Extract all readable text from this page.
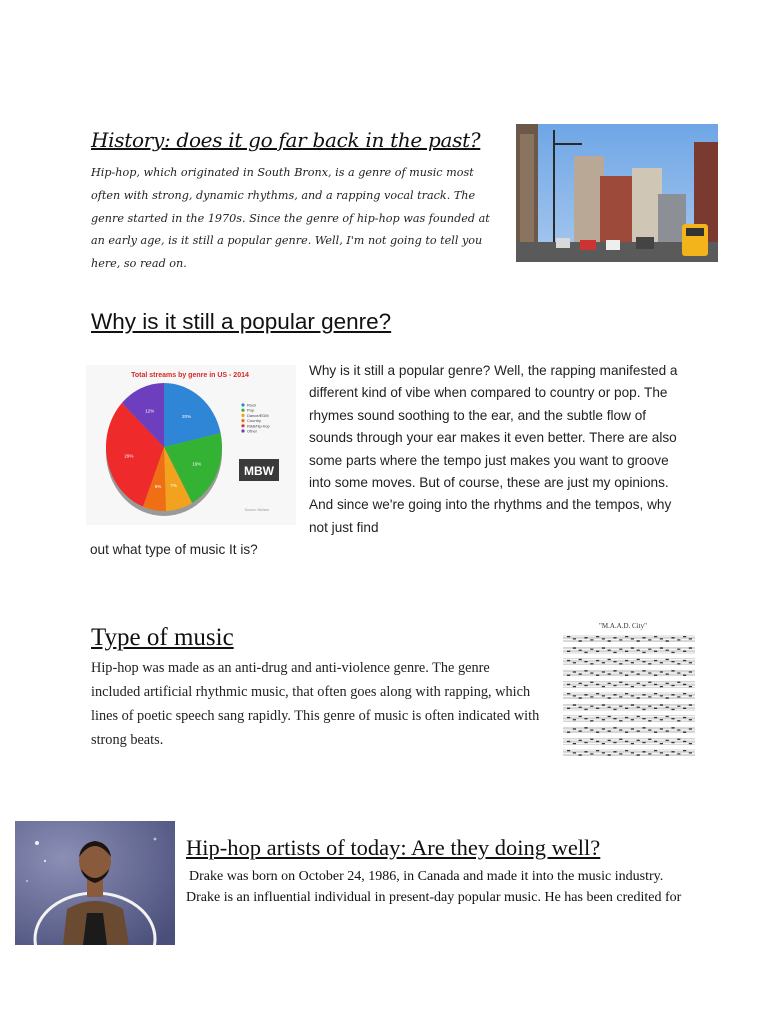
History: does it go far back in the past?
Hip-hop, which originated in South Bronx, is a genre of music most often with strong, dynamic rhythms, and a rapping vocal track. The genre started in the 1970s. Since the genre of hip-hop was founded at an early age, is it still a popular genre. Well, I'm not going to tell you here, so read on.
Why is it still a popular genre?
Total streams by genre in US - 2014
20%
19%
7%
6%
29%
12%
Rock
Pop
Dance/EDM
Country
R&B/hip-hop
Other
MBW
Source: Nielsen
Why is it still a popular genre? Well, the rapping manifested a different kind of vibe when compared to country or pop. The rhymes sound soothing to the ear, and the subtle flow of sounds through your ear makes it even better. There are also some parts where the tempo just makes you want to groove into some moves. But of course, these are just my opinions. And since we're going into the rhythms and the tempos, why not just find
out what type of music It is?
Type of music
Hip-hop was made as an anti-drug and anti-violence genre. The genre included artificial rhythmic music, that often goes along with rapping, which lines of poetic speech sang rapidly. This genre of music is often indicated with strong beats.
"M.A.A.D. City"
Hip-hop artists of today: Are they doing well?
Drake was born on October 24, 1986, in Canada and made it into the music industry.
Drake is an influential individual in present-day popular music. He has been credited for
